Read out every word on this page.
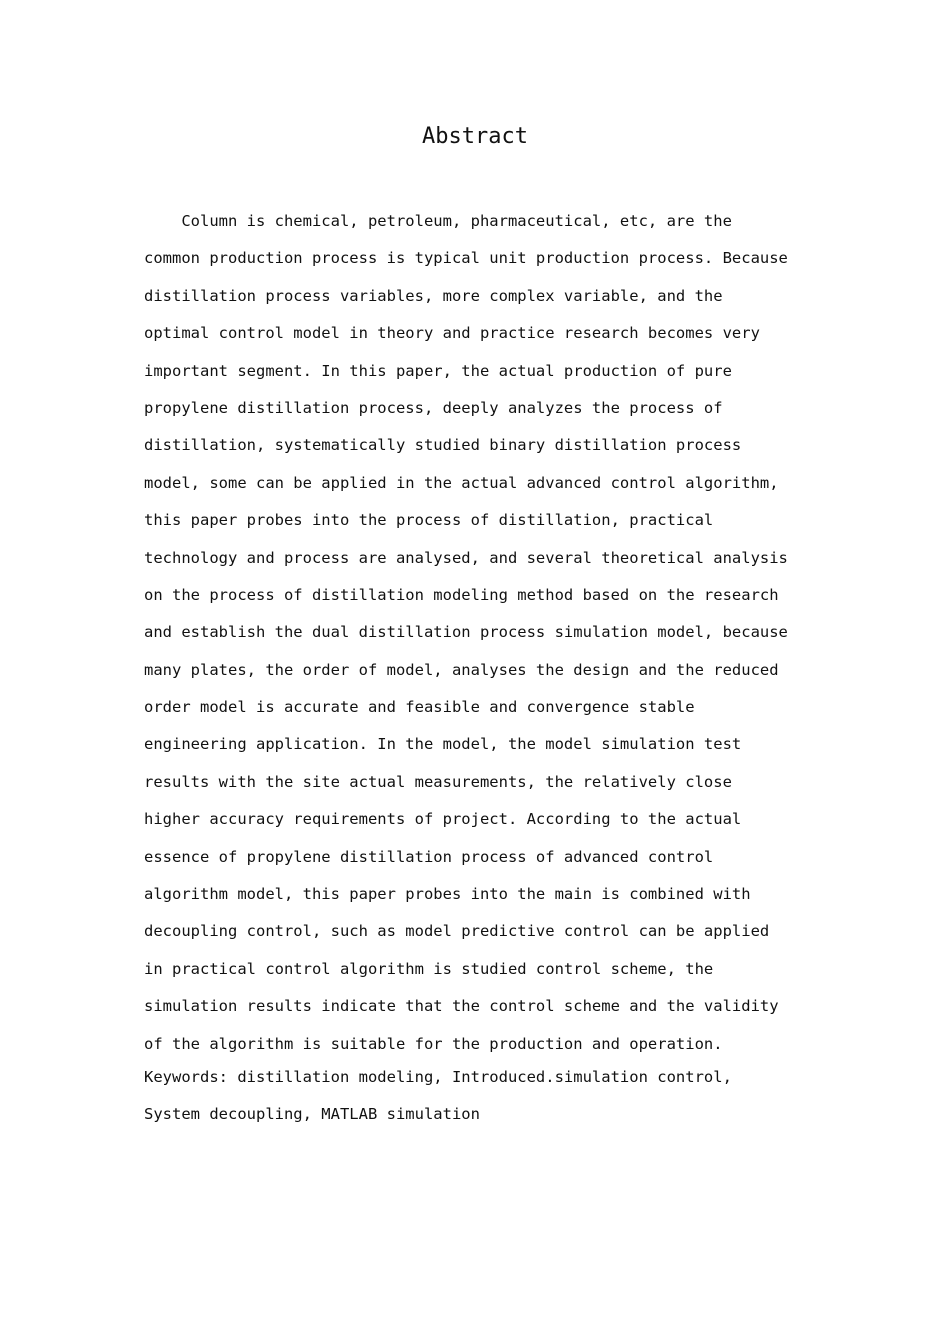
Abstract
Column is chemical, petroleum, pharmaceutical, etc, are the
common production process is typical unit production process. Because
distillation process variables, more complex variable, and the
optimal control model in theory and practice research becomes very
important segment. In this paper, the actual production of pure
propylene distillation process, deeply analyzes the process of
distillation, systematically studied binary distillation process
model, some can be applied in the actual advanced control algorithm,
this paper probes into the process of distillation, practical
technology and process are analysed, and several theoretical analysis
on the process of distillation modeling method based on the research
and establish the dual distillation process simulation model, because
many plates, the order of model, analyses the design and the reduced
order model is accurate and feasible and convergence stable
engineering application. In the model, the model simulation test
results with the site actual measurements, the relatively close
higher accuracy requirements of project. According to the actual
essence of propylene distillation process of advanced control
algorithm model, this paper probes into the main is combined with
decoupling control, such as model predictive control can be applied
in practical control algorithm is studied control scheme, the
simulation results indicate that the control scheme and the validity
of the algorithm is suitable for the production and operation.
Keywords: distillation modeling, Introduced.simulation control,
System decoupling, MATLAB simulation
